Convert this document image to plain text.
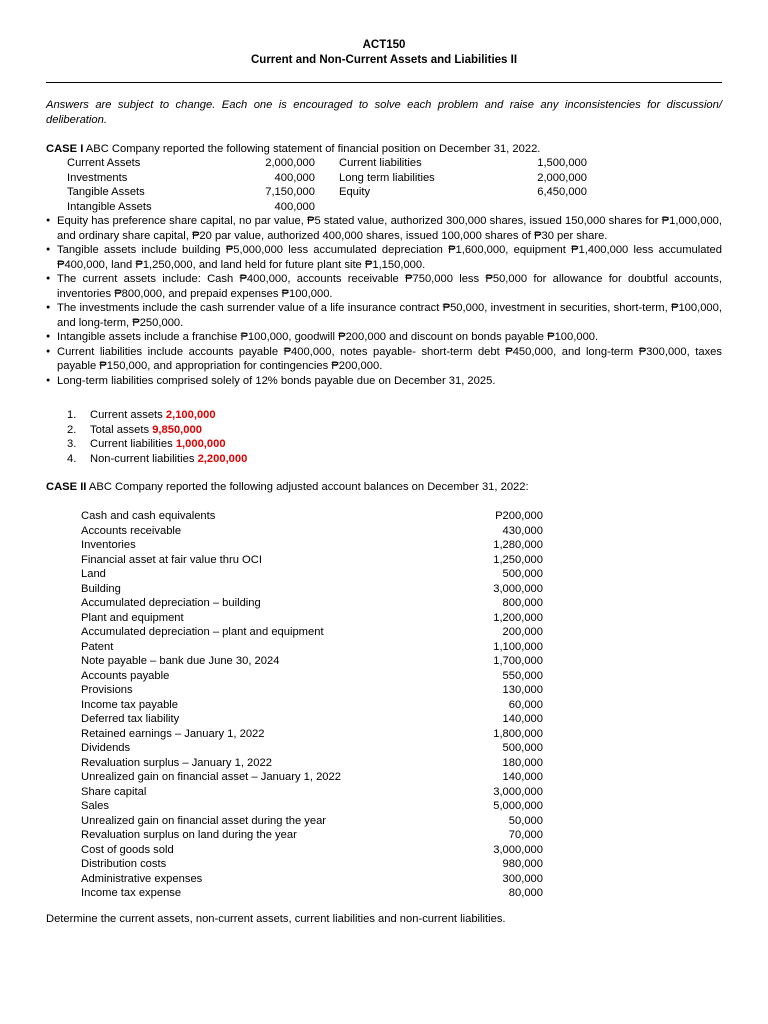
ACT150
Current and Non-Current Assets and Liabilities II
Answers are subject to change. Each one is encouraged to solve each problem and raise any inconsistencies for discussion/ deliberation.
CASE I ABC Company reported the following statement of financial position on December 31, 2022.
Current Assets	2,000,000 Current liabilities	1,500,000
Investments	400,000 Long term liabilities	2,000,000
Tangible Assets	7,150,000 Equity	6,450,000
Intangible Assets	400,000
● Equity has preference share capital, no par value, ₱5 stated value, authorized 300,000 shares, issued 150,000 shares for ₱1,000,000, and ordinary share capital, ₱20 par value, authorized 400,000 shares, issued 100,000 shares of ₱30 per share.
● Tangible assets include building ₱5,000,000 less accumulated depreciation ₱1,600,000, equipment ₱1,400,000 less accumulated ₱400,000, land ₱1,250,000, and land held for future plant site ₱1,150,000.
● The current assets include: Cash ₱400,000, accounts receivable ₱750,000 less ₱50,000 for allowance for doubtful accounts, inventories ₱800,000, and prepaid expenses ₱100,000.
● The investments include the cash surrender value of a life insurance contract ₱50,000, investment in securities, short-term, ₱100,000, and long-term, ₱250,000.
● Intangible assets include a franchise ₱100,000, goodwill ₱200,000 and discount on bonds payable ₱100,000.
● Current liabilities include accounts payable ₱400,000, notes payable- short-term debt ₱450,000, and long-term ₱300,000, taxes payable ₱150,000, and appropriation for contingencies ₱200,000.
● Long-term liabilities comprised solely of 12% bonds payable due on December 31, 2025.
1. Current assets 2,100,000
2. Total assets 9,850,000
3. Current liabilities 1,000,000
4. Non-current liabilities 2,200,000
CASE II ABC Company reported the following adjusted account balances on December 31, 2022:
Cash and cash equivalents	P200,000
Accounts receivable	430,000
Inventories	1,280,000
Financial asset at fair value thru OCI	1,250,000
Land	500,000
Building	3,000,000
Accumulated depreciation – building	800,000
Plant and equipment	1,200,000
Accumulated depreciation – plant and equipment	200,000
Patent	1,100,000
Note payable – bank due June 30, 2024	1,700,000
Accounts payable	550,000
Provisions	130,000
Income tax payable	60,000
Deferred tax liability	140,000
Retained earnings – January 1, 2022	1,800,000
Dividends	500,000
Revaluation surplus – January 1, 2022	180,000
Unrealized gain on financial asset – January 1, 2022	140,000
Share capital	3,000,000
Sales	5,000,000
Unrealized gain on financial asset during the year	50,000
Revaluation surplus on land during the year	70,000
Cost of goods sold	3,000,000
Distribution costs	980,000
Administrative expenses	300,000
Income tax expense	80,000
Determine the current assets, non-current assets, current liabilities and non-current liabilities.
